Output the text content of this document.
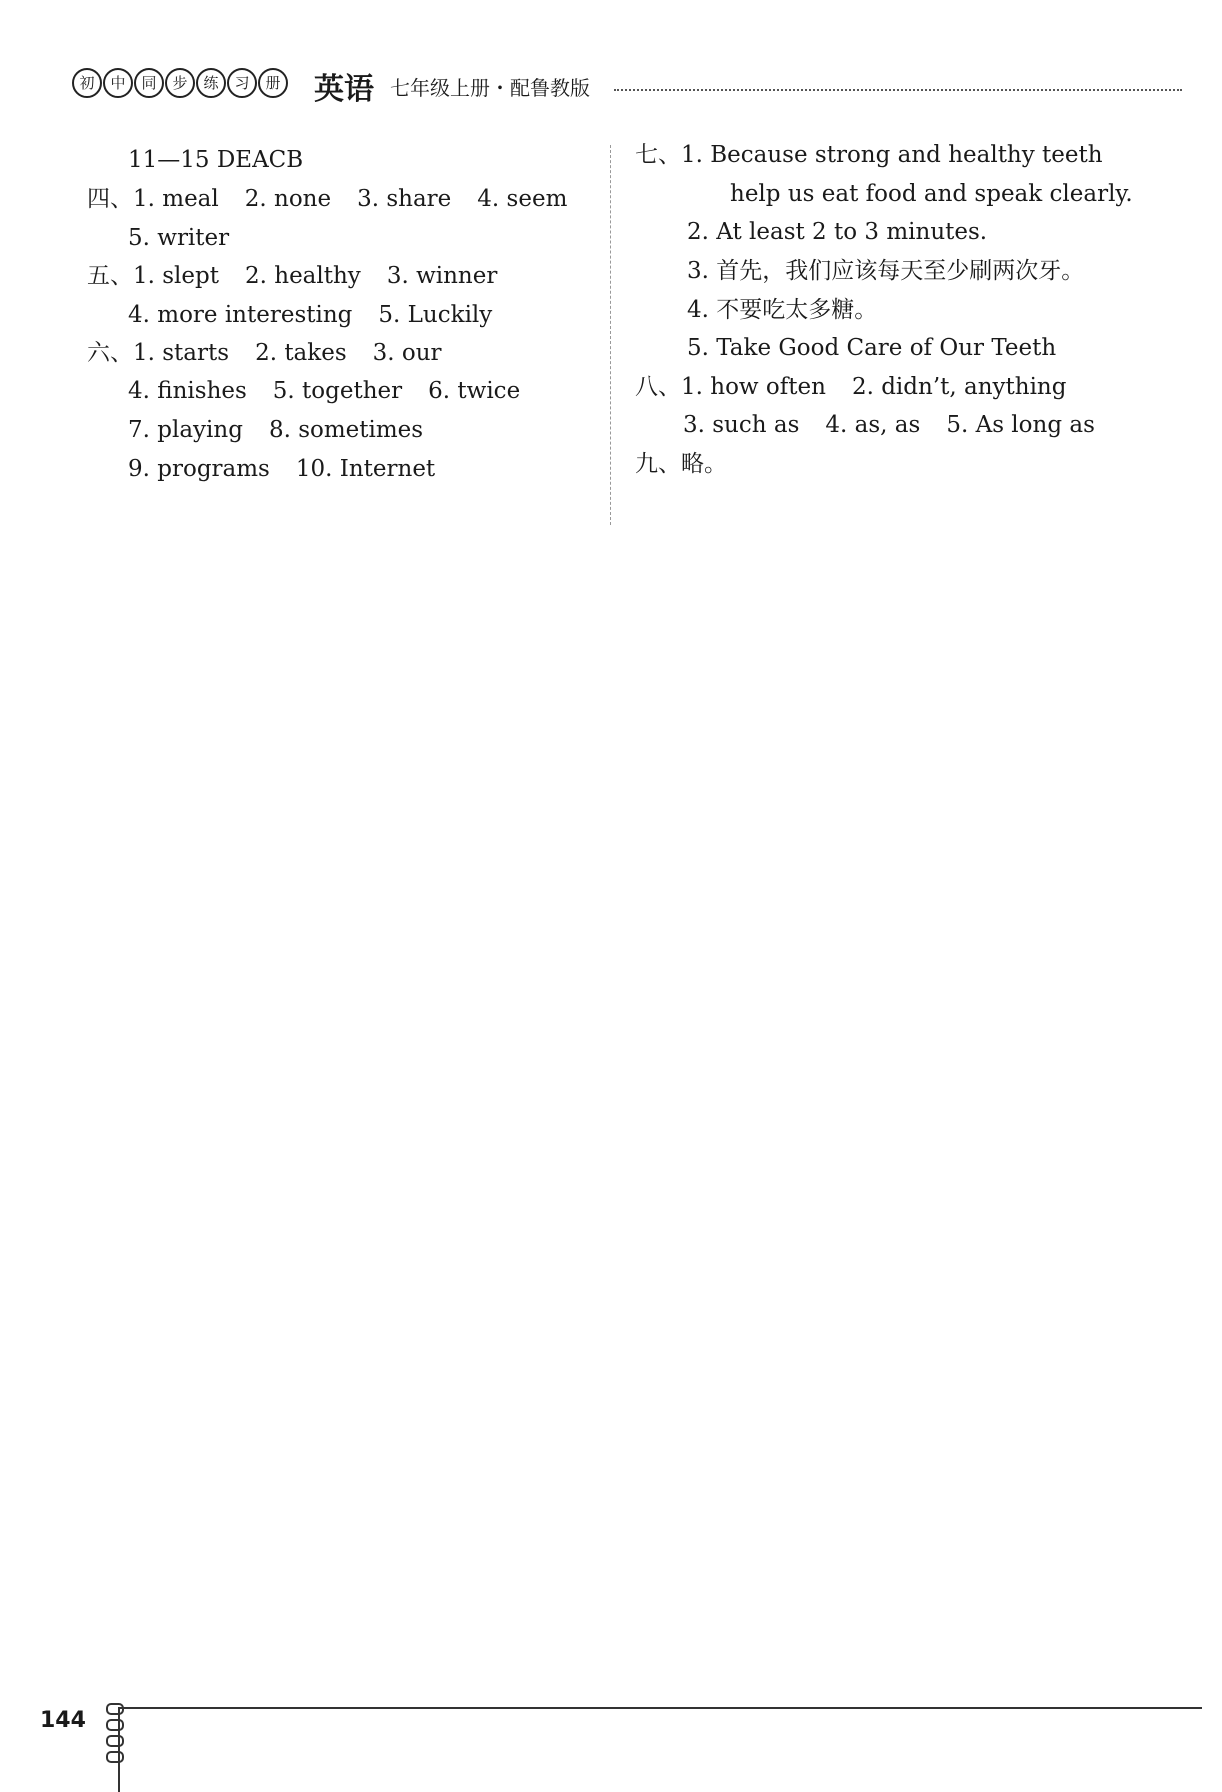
初	中	同	步	练	习	册 英语 七年级上册・配鲁教版
11—15 DEACB
四、1. meal 2. none 3. share 4. seem
5. writer
五、1. slept 2. healthy 3. winner
4. more interesting 5. Luckily
六、1. starts 2. takes 3. our
4. finishes 5. together 6. twice
7. playing 8. sometimes
9. programs 10. Internet
七、1. Because strong and healthy teeth
help us eat food and speak clearly.
2. At least 2 to 3 minutes.
3. 首先，我们应该每天至少刷两次牙。
4. 不要吃太多糖。
5. Take Good Care of Our Teeth
八、1. how often 2. didn’t, anything
3. such as 4. as, as 5. As long as
九、略。
144
